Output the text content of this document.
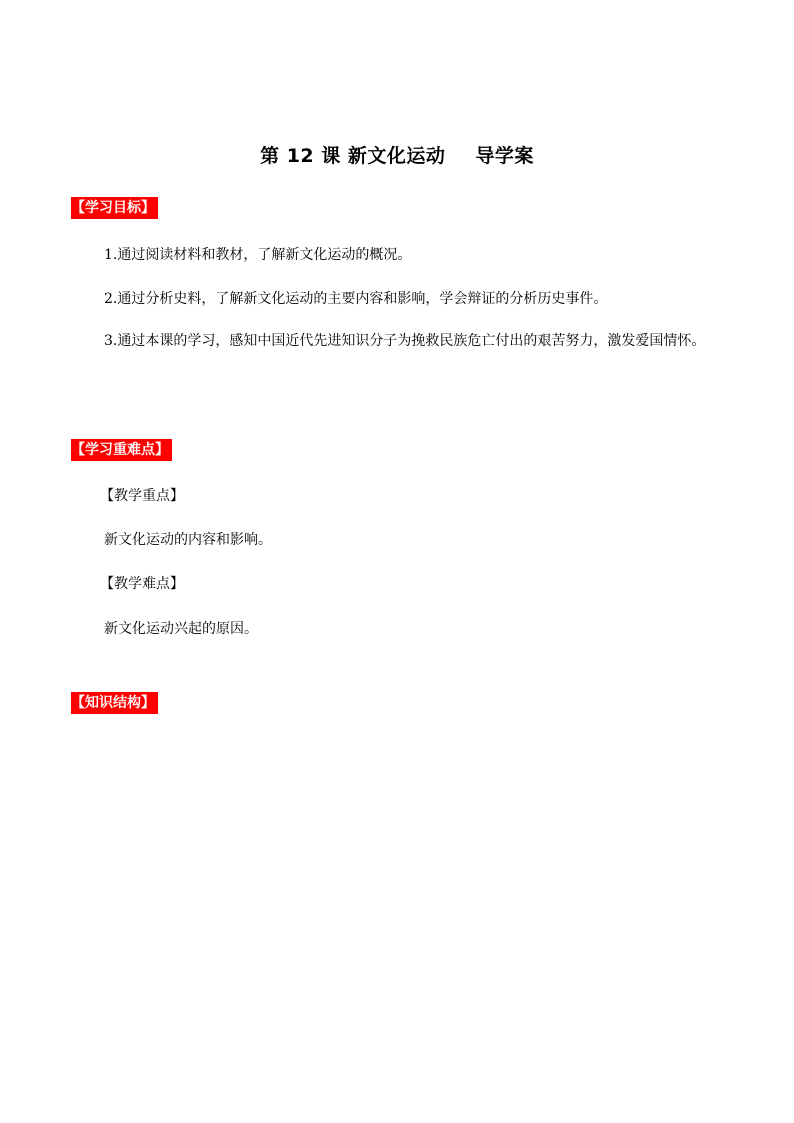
第 12 课 新文化运动 导学案
【学习目标】
1.通过阅读材料和教材，了解新文化运动的概况。
2.通过分析史料，了解新文化运动的主要内容和影响，学会辩证的分析历史事件。
3.通过本课的学习，感知中国近代先进知识分子为挽救民族危亡付出的艰苦努力，激发爱国情怀。
【学习重难点】
【教学重点】
新文化运动的内容和影响。
【教学难点】
新文化运动兴起的原因。
【知识结构】
